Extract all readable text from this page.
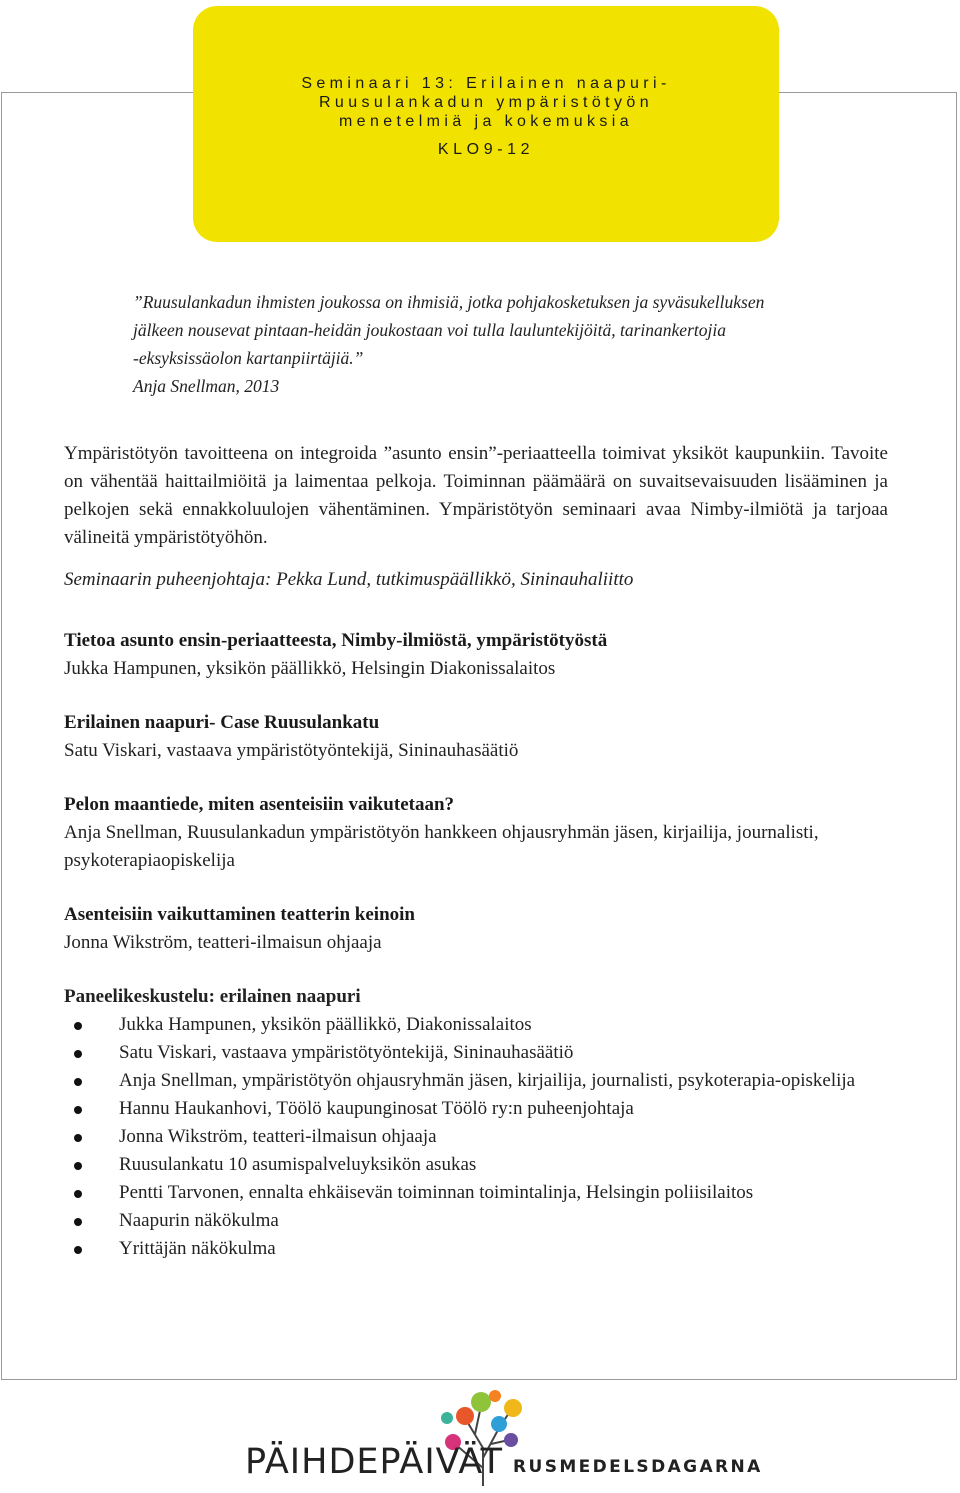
Seminaari 13: Erilainen naapuri-
Ruusulankadun ympäristötyön
menetelmiä ja kokemuksia
KLO9-12
”Ruusulankadun ihmisten joukossa on ihmisiä, jotka pohjakosketuksen ja syväsukelluksen
jälkeen nousevat pintaan-heidän joukostaan voi tulla lauluntekijöitä, tarinankertojia
-eksyksissäolon kartanpiirtäjiä.”
Anja Snellman, 2013
Ympäristötyön tavoitteena on integroida ”asunto ensin”-periaatteella toimivat yksiköt kaupunkiin. Tavoite on vähentää haittailmiöitä ja laimentaa pelkoja. Toiminnan päämäärä on suvaitsevaisuuden lisääminen ja pelkojen sekä ennakkoluulojen vähentäminen. Ympäristötyön seminaari avaa Nimby-ilmiötä ja tarjoaa välineitä ympäristötyöhön.
Seminaarin puheenjohtaja: Pekka Lund, tutkimuspäällikkö, Sininauhaliitto
Tietoa asunto ensin-periaatteesta, Nimby-ilmiöstä, ympäristötyöstä
Jukka Hampunen, yksikön päällikkö, Helsingin Diakonissalaitos
Erilainen naapuri- Case Ruusulankatu
Satu Viskari, vastaava ympäristötyöntekijä, Sininauhasäätiö
Pelon maantiede, miten asenteisiin vaikutetaan?
Anja Snellman, Ruusulankadun ympäristötyön hankkeen ohjausryhmän jäsen, kirjailija, journalisti, psykoterapiaopiskelija
Asenteisiin vaikuttaminen teatterin keinoin
Jonna Wikström, teatteri-ilmaisun ohjaaja
Paneelikeskustelu: erilainen naapuri
Jukka Hampunen, yksikön päällikkö, Diakonissalaitos
Satu Viskari, vastaava ympäristötyöntekijä, Sininauhasäätiö
Anja Snellman, ympäristötyön ohjausryhmän jäsen, kirjailija, journalisti, psykoterapia-opiskelija
Hannu Haukanhovi, Töölö kaupunginosat Töölö ry:n puheenjohtaja
Jonna Wikström, teatteri-ilmaisun ohjaaja
Ruusulankatu 10 asumispalveluyksikön asukas
Pentti Tarvonen, ennalta ehkäisevän toiminnan toimintalinja, Helsingin poliisilaitos
Naapurin näkökulma
Yrittäjän näkökulma
PÄIHDEPÄIVÄT RUSMEDELSDAGARNA
